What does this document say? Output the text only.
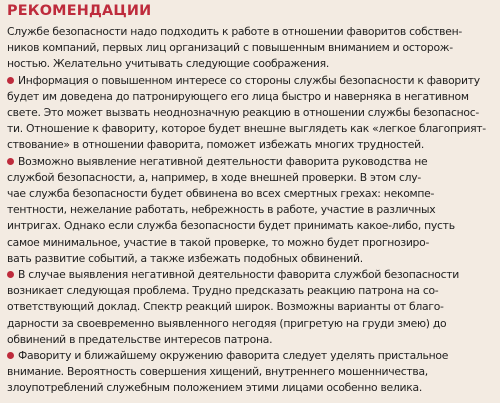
РЕКОМЕНДАЦИИ

Службе безопасности надо подходить к работе в отношении фаворитов собствен-
ников компаний, первых лиц организаций с повышенным вниманием и осторож-
ностью. Желательно учитывать следующие соображения.

Информация о повышенном интересе со стороны службы безопасности к фавориту
будет им доведена до патронирующего его лица быстро и наверняка в негативном
свете. Это может вызвать неоднозначную реакцию в отношении службы безопаснос-
ти. Отношение к фавориту, которое будет внешне выглядеть как «легкое благоприят-
ствование» в отношении фаворита, поможет избежать многих трудностей.

Возможно выявление негативной деятельности фаворита руководства не
службой безопасности, а, например, в ходе внешней проверки. В этом слу-
чае служба безопасности будет обвинена во всех смертных грехах: некомпе-
тентности, нежелание работать, небрежность в работе, участие в различных
интригах. Однако если служба безопасности будет принимать какое-либо, пусть
самое минимальное, участие в такой проверке, то можно будет прогнозиро-
вать развитие событий, а также избежать подобных обвинений.

В случае выявления негативной деятельности фаворита службой безопасности
возникает следующая проблема. Трудно предсказать реакцию патрона на со-
ответствующий доклад. Спектр реакций широк. Возможны варианты от благо-
дарности за своевременно выявленного негодяя (пригретую на груди змею) до
обвинений в предательстве интересов патрона.

Фавориту и ближайшему окружению фаворита следует уделять пристальное
внимание. Вероятность совершения хищений, внутреннего мошенничества,
злоупотреблений служебным положением этими лицами особенно велика.
